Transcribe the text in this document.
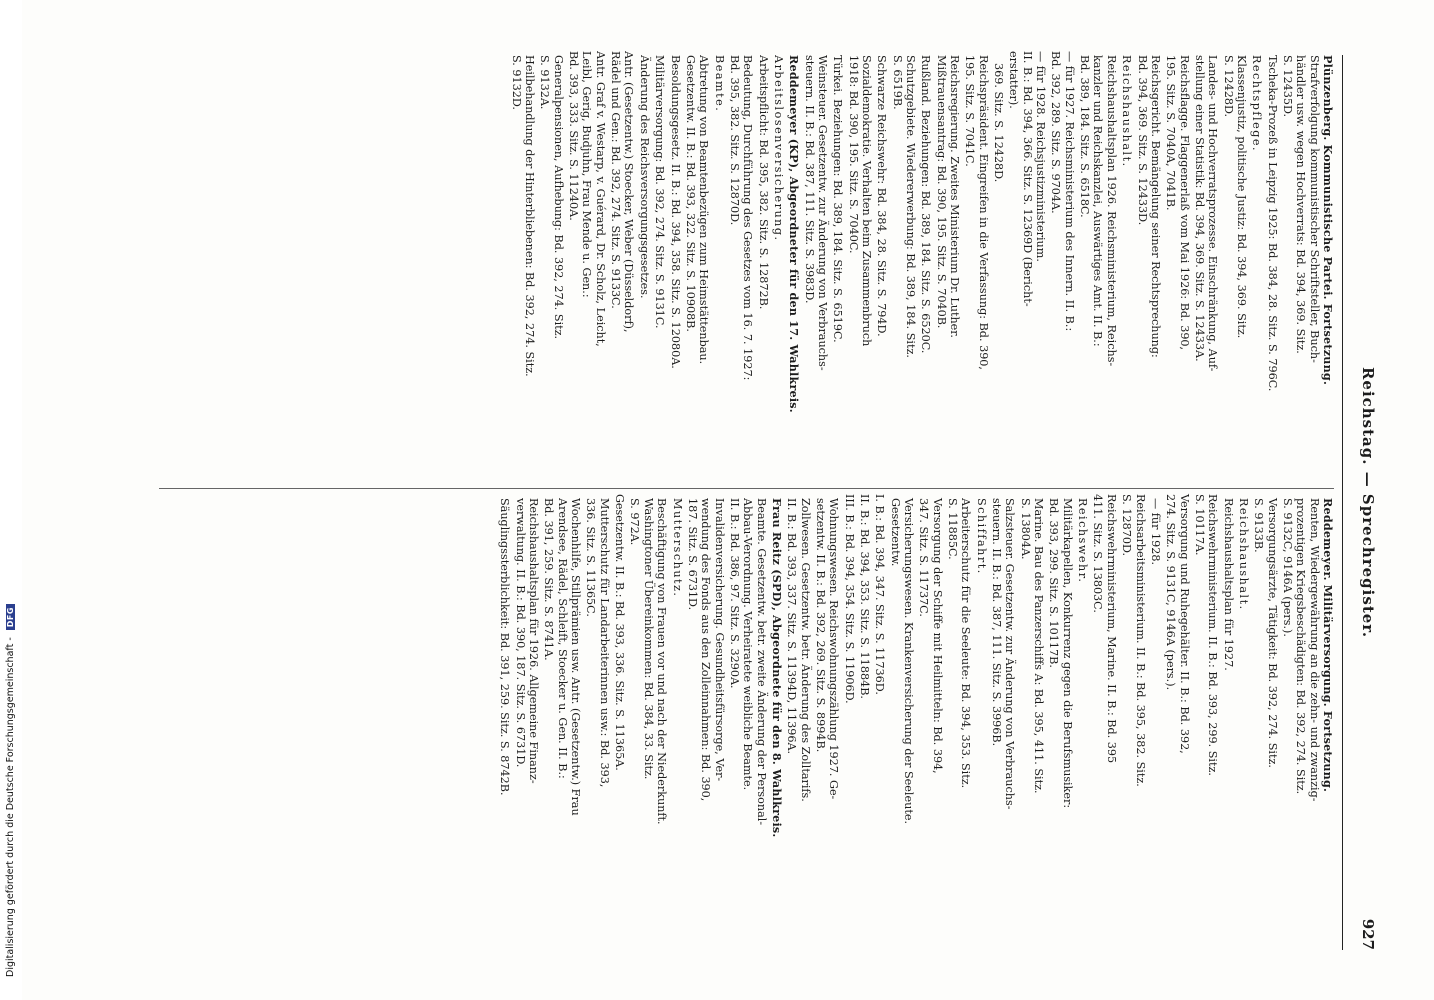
Digitalisierung gefördert durch die Deutsche Forschungsgemeinschaft - DFG	Reichstag. — Sprechregister.
927
Plünzenberg. Kommunistische Partei. Fortsetzung.
Strafverfolgung kommunistischer Schriftsteller, Buch-
händler usw. wegen Hochverrats: Bd. 394, 369. Sitz.
S. 12435D.
Tscheka-Prozeß in Leipzig 1925: Bd. 384, 28. Sitz. S. 796C.
Rechtspflege.
Klassenjustiz, politische Justiz: Bd. 394, 369. Sitz.
S. 12428D.
Landes- und Hochverratsprozesse. Einschränkung, Auf-
stellung einer Statistik: Bd. 394, 369. Sitz. S. 12433A.
Reichsflagge. Flaggenerlaß vom Mai 1926: Bd. 390,
195. Sitz. S. 7040A, 7041B.
Reichsgericht. Bemängelung seiner Rechtsprechung:
Bd. 394, 369. Sitz. S. 12433D.
Reichshaushalt.
Reichshaushaltsplan 1926. Reichsministerium, Reichs-
kanzler und Reichskanzlei, Auswärtiges Amt. II. B.:
Bd. 389, 184. Sitz. S. 6518C.
— für 1927. Reichsministerium des Innern. II. B.:
Bd. 392, 289. Sitz. S. 9704A.
— für 1928. Reichsjustizministerium.
II. B.: Bd. 394, 366. Sitz. S. 12369D (Bericht-
erstatter).
369. Sitz. S. 12428D.
Reichspräsident. Eingreifen in die Verfassung: Bd. 390,
195. Sitz. S. 7041C.
Reichsregierung. Zweites Ministerium Dr. Luther.
Mißtrauensantrag: Bd. 390, 195. Sitz. S. 7040B.
Rußland. Beziehungen: Bd. 389, 184. Sitz. S. 6520C.
Schutzgebiete. Wiedererwerbung: Bd. 389, 184. Sitz.
S. 6519B.
Schwarze Reichswehr: Bd. 384, 28. Sitz. S. 794D.
Sozialdemokratie. Verhalten beim Zusammenbruch
1918: Bd. 390, 195. Sitz. S. 7040C.
Türkei. Beziehungen: Bd. 389, 184. Sitz. S. 6519C.
Weinsteuer. Gesetzentw. zur Änderung von Verbrauchs-
steuern. II. B.: Bd. 387, 111. Sitz. S. 3983D.
Reddemeyer (KP), Abgeordneter für den 17. Wahlkreis.
Arbeitslosenversicherung.
Arbeitspflicht: Bd. 395, 382. Sitz. S. 12872B.
Bedeutung, Durchführung des Gesetzes vom 16. 7. 1927:
Bd. 395, 382. Sitz. S. 12870D.
Beamte.
Abtretung von Beamtenbezügen zum Heimstättenbau.
Gesetzentw. II. B.: Bd. 393, 322. Sitz. S. 10908B.
Besoldungsgesetz. II. B.: Bd. 394, 358. Sitz. S. 12080A.
Militärversorgung: Bd. 392, 274. Sitz. S. 9131C.
Änderung des Reichsversorgungsgesetzes.
Antr. (Gesetzentw.) Stoecker, Weber (Düsseldorf),
Rädel und Gen.: Bd. 392, 274. Sitz. S. 9133C.
Antr. Graf v. Westarp, v. Guérard, Dr. Scholz, Leicht,
Leibl, Gerig, Budjuhn, Frau Mende u. Gen.:
Bd. 393, 333. Sitz. S. 11240A.
Generalpensionen, Aufhebung: Bd. 392, 274. Sitz.
S. 9132A.
Heilbehandlung der Hinterbliebenen: Bd. 392, 274. Sitz.
S. 9132D.
Reddemeyer. Militärversorgung. Fortsetzung.
Renten, Wiedergewährung an die zehn- und zwanzig-
prozentigen Kriegsbeschädigten: Bd. 392, 274. Sitz.
S. 9132C, 9146A (pers.).
Versorgungsärzte, Tätigkeit: Bd. 392, 274. Sitz.
S. 9133B.
Reichshaushalt.
Reichshaushaltsplan für 1927.
Reichswehrministerium. II. B.: Bd. 393, 299. Sitz.
S. 10117A.
Versorgung und Ruhegehälter. II. B.: Bd. 392,
274. Sitz. S. 9131C, 9146A (pers.).
— für 1928.
Reichsarbeitsministerium. II. B.: Bd. 395, 382. Sitz.
S. 12870D.
Reichswehrministerium, Marine. II. B.: Bd. 395
411. Sitz. S. 13803C.
Reichswehr.
Militärkapellen, Konkurrenz gegen die Berufsmusiker:
Bd. 393, 299. Sitz. S. 10117B.
Marine. Bau des Panzerschiffs A: Bd. 395, 411. Sitz.
S. 13804A.
Salzsteuer. Gesetzentw. zur Änderung von Verbrauchs-
steuern. II. B.: Bd. 387, 111. Sitz. S. 3996B.
Schiffahrt.
Arbeiterschutz für die Seeleute: Bd. 394, 353. Sitz.
S. 11885C.
Versorgung der Schiffe mit Heilmitteln: Bd. 394,
347. Sitz. S. 11737C.
Versicherungswesen. Krankenversicherung der Seeleute.
Gesetzentw.
I. B.: Bd. 394, 347. Sitz. S. 11736D.
II. B.: Bd. 394, 353. Sitz. S. 11884B.
III. B.: Bd. 394, 354. Sitz. S. 11906D.
Wohnungswesen. Reichswohnungszählung 1927. Ge-
setzentw. II. B.: Bd. 392, 269. Sitz. S. 8994B.
Zollwesen. Gesetzentw. betr. Änderung des Zolltarifs.
II. B.: Bd. 393, 337. Sitz. S. 11394D, 11396A.
Frau Reitz (SPD), Abgeordnete für den 8. Wahlkreis.
Beamte. Gesetzentw. betr. zweite Änderung der Personal-
Abbau-Verordnung. Verheiratete weibliche Beamte.
II. B.: Bd. 386, 97. Sitz. S. 3290A.
Invalidenversicherung. Gesundheitsfürsorge, Ver-
wendung des Fonds aus den Zolleinnahmen: Bd. 390,
187. Sitz. S. 6731D.
Mutterschutz.
Beschäftigung von Frauen vor und nach der Niederkunft.
Washingtoner Übereinkommen: Bd. 384, 33. Sitz.
S. 972A.
Gesetzentw. II. B.: Bd. 393, 336. Sitz. S. 11365A.
Mutterschutz für Landarbeiterinnen usw.: Bd. 393,
336. Sitz. S. 11365C.
Wochenhilfe, Stillprämien usw. Antr. (Gesetzentw.) Frau
Arendsee, Rädel, Schleift, Stoecker u. Gen. II. B.:
Bd. 391, 259. Sitz. S. 8741A.
Reichshaushaltsplan für 1926. Allgemeine Finanz-
verwaltung. II. B.: Bd. 390, 187. Sitz. S. 6731D.
Säuglingssterblichkeit: Bd. 391, 259. Sitz. S. 8742B.
